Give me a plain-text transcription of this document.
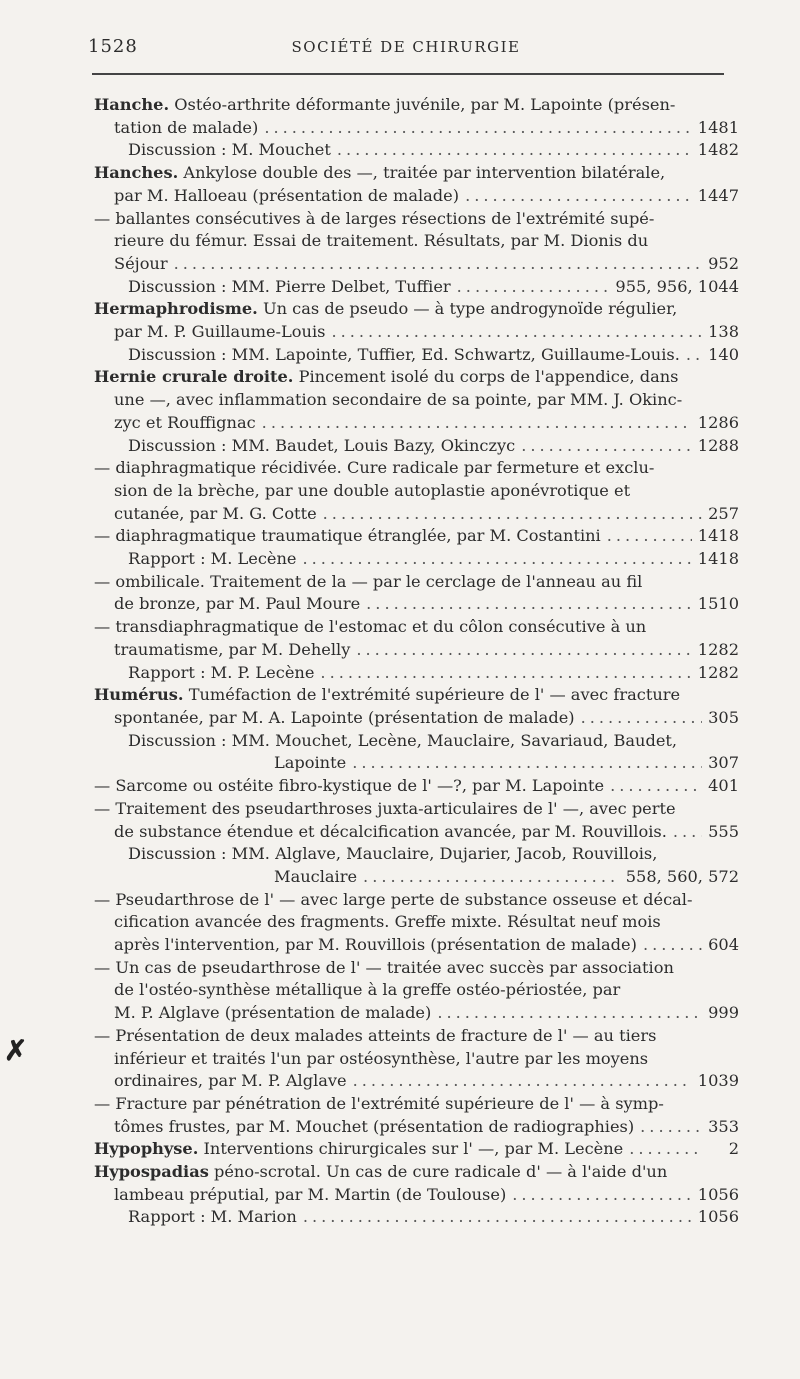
1528	SOCIÉTÉ DE CHIRURGIE
✗
Hanche. Ostéo-arthrite déformante juvénile, par M. Lapointe (présen-
tation de malade) .....	1481
Discussion : M. Mouchet .....	1482
Hanches. Ankylose double des —, traitée par intervention bilatérale,
par M. Halloeau (présentation de malade) .....	1447
— ballantes consécutives à de larges résections de l'extrémité supé-
rieure du fémur. Essai de traitement. Résultats, par M. Dionis du
Séjour .....	952
Discussion : MM. Pierre Delbet, Tuffier .....	955, 956, 1044
Hermaphrodisme. Un cas de pseudo — à type androgynoïde régulier,
par M. P. Guillaume-Louis .....	138
Discussion : MM. Lapointe, Tuffier, Ed. Schwartz, Guillaume-Louis. ..... 140
Hernie crurale droite. Pincement isolé du corps de l'appendice, dans
une —, avec inflammation secondaire de sa pointe, par MM. J. Okinc-
zyc et Rouffignac .....	1286
Discussion : MM. Baudet, Louis Bazy, Okinczyc .....	1288
— diaphragmatique récidivée. Cure radicale par fermeture et exclu-
sion de la brèche, par une double autoplastie aponévrotique et
cutanée, par M. G. Cotte .....	257
— diaphragmatique traumatique étranglée, par M. Costantini .....	1418
Rapport : M. Lecène .....	1418
— ombilicale. Traitement de la — par le cerclage de l'anneau au fil
de bronze, par M. Paul Moure .....	1510
— transdiaphragmatique de l'estomac et du côlon consécutive à un
traumatisme, par M. Dehelly .....	1282
Rapport : M. P. Lecène .....	1282
Humérus. Tuméfaction de l'extrémité supérieure de l' — avec fracture
spontanée, par M. A. Lapointe (présentation de malade) .....	305
Discussion : MM. Mouchet, Lecène, Mauclaire, Savariaud, Baudet,
Lapointe .....	307
— Sarcome ou ostéite fibro-kystique de l' —?, par M. Lapointe .....	401
— Traitement des pseudarthroses juxta-articulaires de l' —, avec perte
de substance étendue et décalcification avancée, par M. Rouvillois. .....	555
Discussion : MM. Alglave, Mauclaire, Dujarier, Jacob, Rouvillois,
Mauclaire .....	558, 560, 572
— Pseudarthrose de l' — avec large perte de substance osseuse et décal-
cification avancée des fragments. Greffe mixte. Résultat neuf mois
après l'intervention, par M. Rouvillois (présentation de malade) .....	604
— Un cas de pseudarthrose de l' — traitée avec succès par association
de l'ostéo-synthèse métallique à la greffe ostéo-périostée, par
M. P. Alglave (présentation de malade) .....	999
— Présentation de deux malades atteints de fracture de l' — au tiers
inférieur et traités l'un par ostéosynthèse, l'autre par les moyens
ordinaires, par M. P. Alglave .....	1039
— Fracture par pénétration de l'extrémité supérieure de l' — à symp-
tômes frustes, par M. Mouchet (présentation de radiographies) .....	353
Hypophyse. Interventions chirurgicales sur l' —, par M. Lecène .....	2
Hypospadias péno-scrotal. Un cas de cure radicale d' — à l'aide d'un
lambeau préputial, par M. Martin (de Toulouse) .....	1056
Rapport : M. Marion .....	1056
